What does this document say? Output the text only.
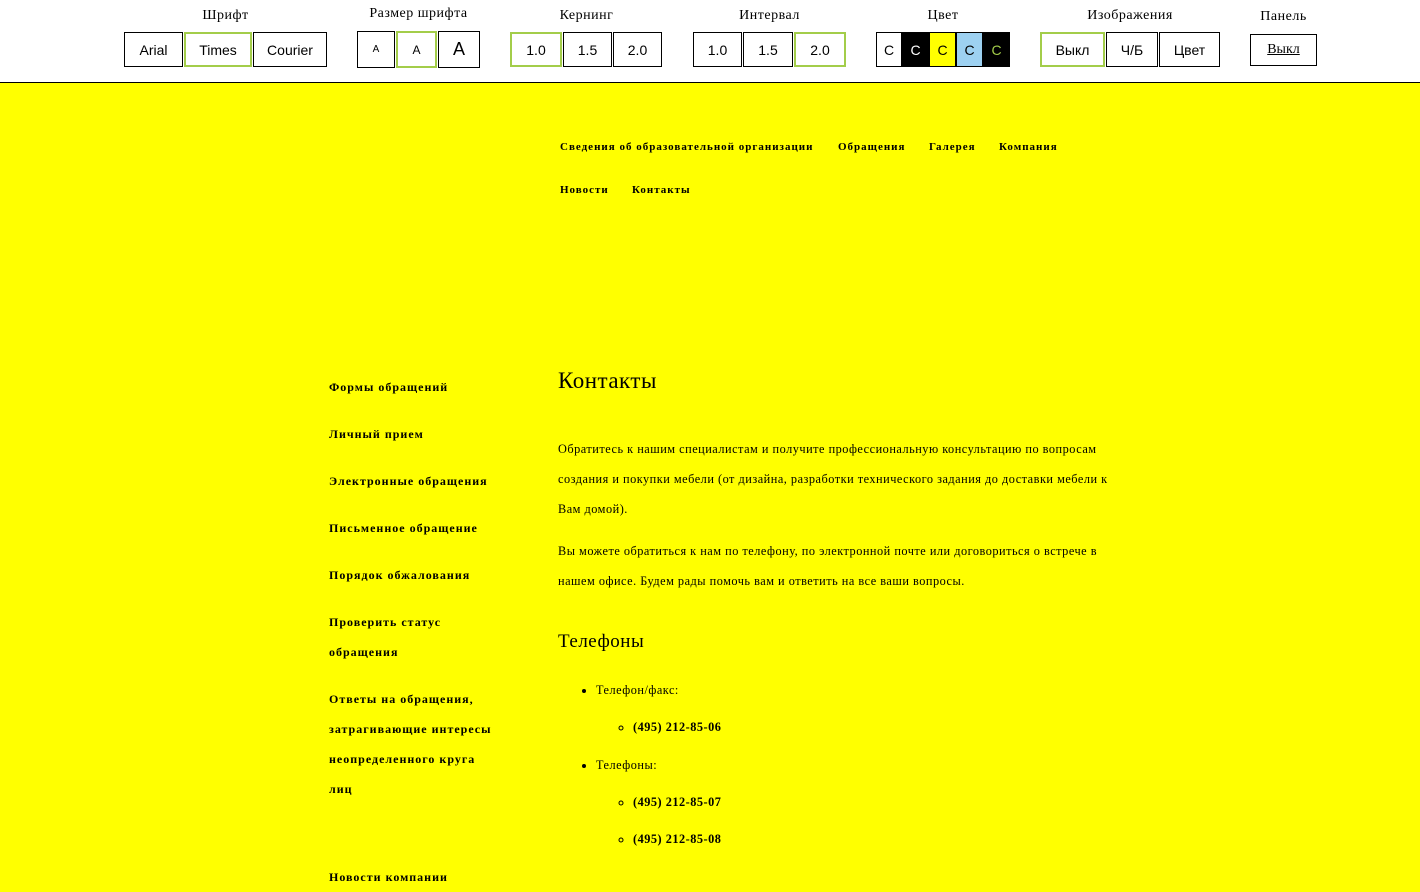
Шрифт
Arial	Times	Courier
Размер шрифта
A	A	A
Кернинг
1.0	1.5	2.0
Интервал
1.0	1.5	2.0
Цвет
C	C	C	C	C
Изображения
Выкл	Ч/Б	Цвет
Панель
Выкл
Сведения об образовательной организации Обращения Галерея Компания
Новости Контакты
Формы обращений
Личный прием
Электронные обращения
Письменное обращение
Порядок обжалования
Проверить статус обращения
Ответы на обращения, затрагивающие интересы неопределенного круга лиц
Новости компании
Контакты

Обратитесь к нашим специалистам и получите профессиональную консультацию по вопросам создания и покупки мебели (от дизайна, разработки технического задания до доставки мебели к Вам домой).

Вы можете обратиться к нам по телефону, по электронной почте или договориться о встрече в нашем офисе. Будем рады помочь вам и ответить на все ваши вопросы.

Телефоны
• Телефон/факс:
◦ (495) 212-85-06
• Телефоны:
◦ (495) 212-85-07
◦ (495) 212-85-08
